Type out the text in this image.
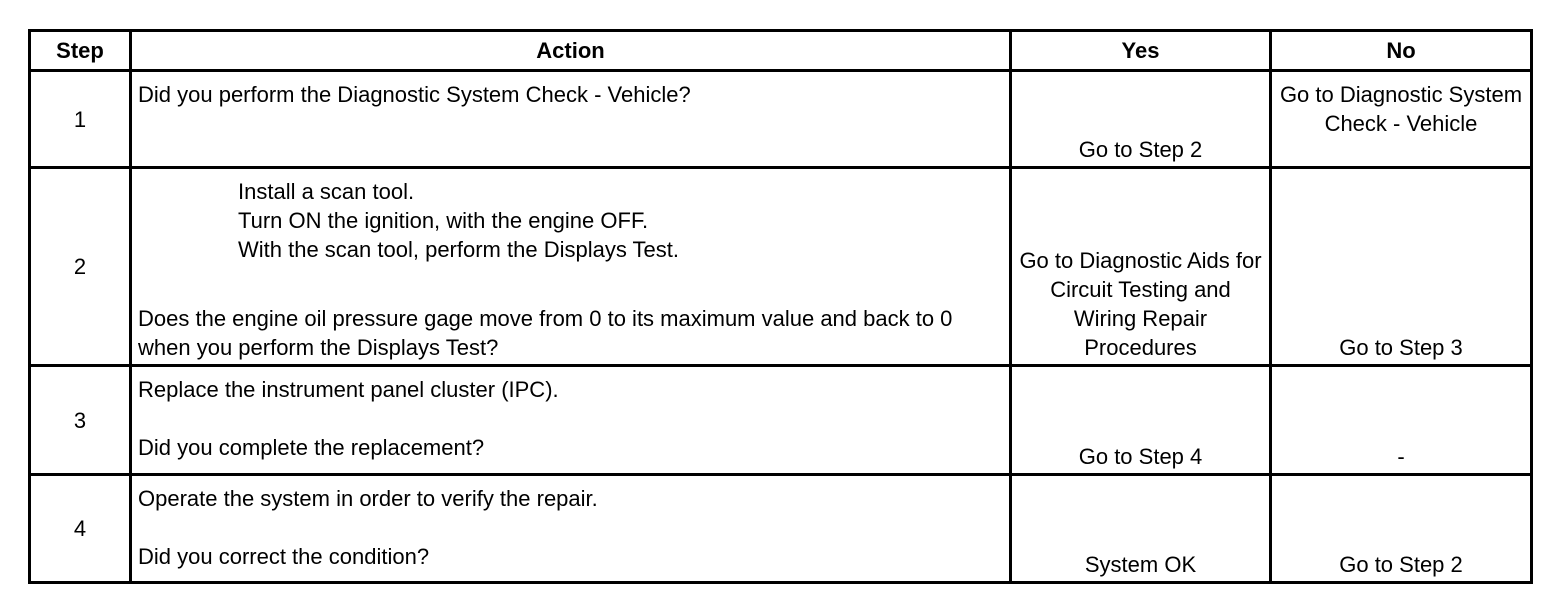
Step	Action	Yes	No
1	Did you perform the Diagnostic System Check - Vehicle?	Go to Step 2	Go to Diagnostic System Check - Vehicle
2	Install a scan tool.
Turn ON the ignition, with the engine OFF.
With the scan tool, perform the Displays Test.
Does the engine oil pressure gage move from 0 to its maximum value and back to 0 when you perform the Displays Test?	Go to Diagnostic Aids for Circuit Testing and Wiring Repair Procedures	Go to Step 3
3	Replace the instrument panel cluster (IPC).
Did you complete the replacement?	Go to Step 4	-
4	Operate the system in order to verify the repair.
Did you correct the condition?	System OK	Go to Step 2
